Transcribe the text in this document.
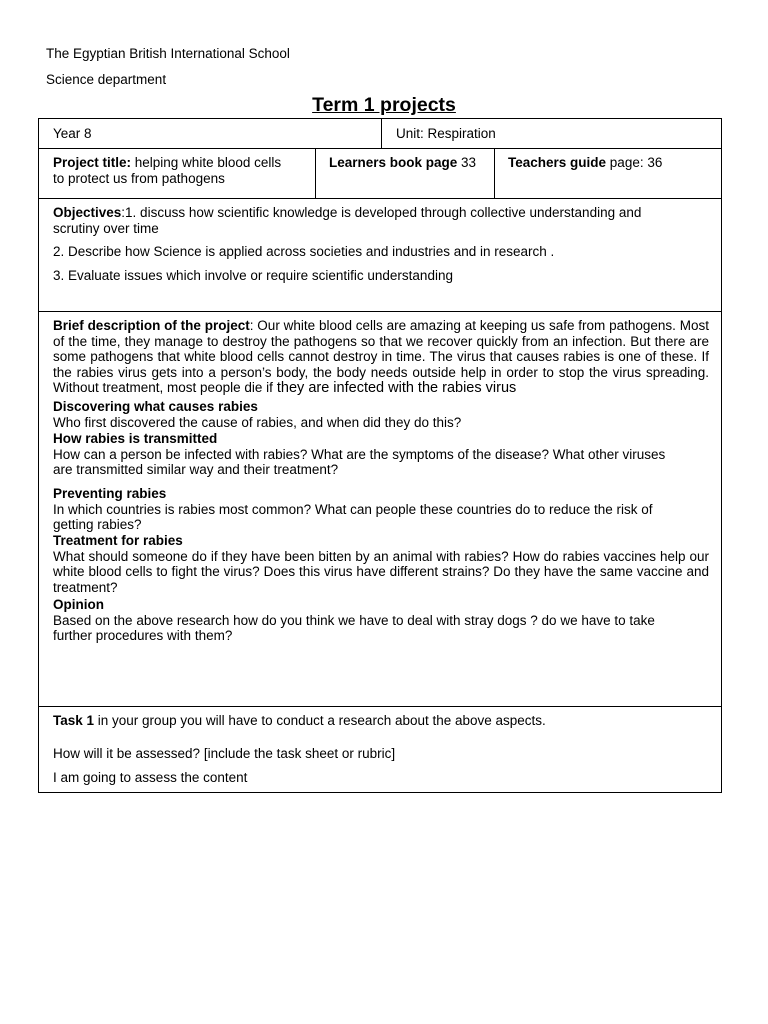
The Egyptian British International School
Science department
Term 1 projects
Year 8	Unit: Respiration
Project title: helping white blood cells
to protect us from pathogens
Learners book page 33 Teachers guide page: 36
Objectives:1. discuss how scientific knowledge is developed through collective understanding and
scrutiny over time
2. Describe how Science is applied across societies and industries and in research .
3. Evaluate issues which involve or require scientific understanding
Brief description of the project: Our white blood cells are amazing at keeping us safe from pathogens. Most of the time, they manage to destroy the pathogens so that we recover quickly from an infection. But there are some pathogens that white blood cells cannot destroy in time. The virus that causes rabies is one of these. If the rabies virus gets into a person’s body, the body needs outside help in order to stop the virus spreading. Without treatment, most people die if they are infected with the rabies virus
Discovering what causes rabies
Who first discovered the cause of rabies, and when did they do this?
How rabies is transmitted
How can a person be infected with rabies? What are the symptoms of the disease? What other viruses are transmitted similar way and their treatment?
Preventing rabies
In which countries is rabies most common? What can people these countries do to reduce the risk of getting rabies?
Treatment for rabies
What should someone do if they have been bitten by an animal with rabies? How do rabies vaccines help our white blood cells to fight the virus? Does this virus have different strains? Do they have the same vaccine and treatment?
Opinion
Based on the above research how do you think we have to deal with stray dogs ? do we have to take further procedures with them?
Task 1 in your group you will have to conduct a research about the above aspects.
How will it be assessed? [include the task sheet or rubric]
I am going to assess the content
